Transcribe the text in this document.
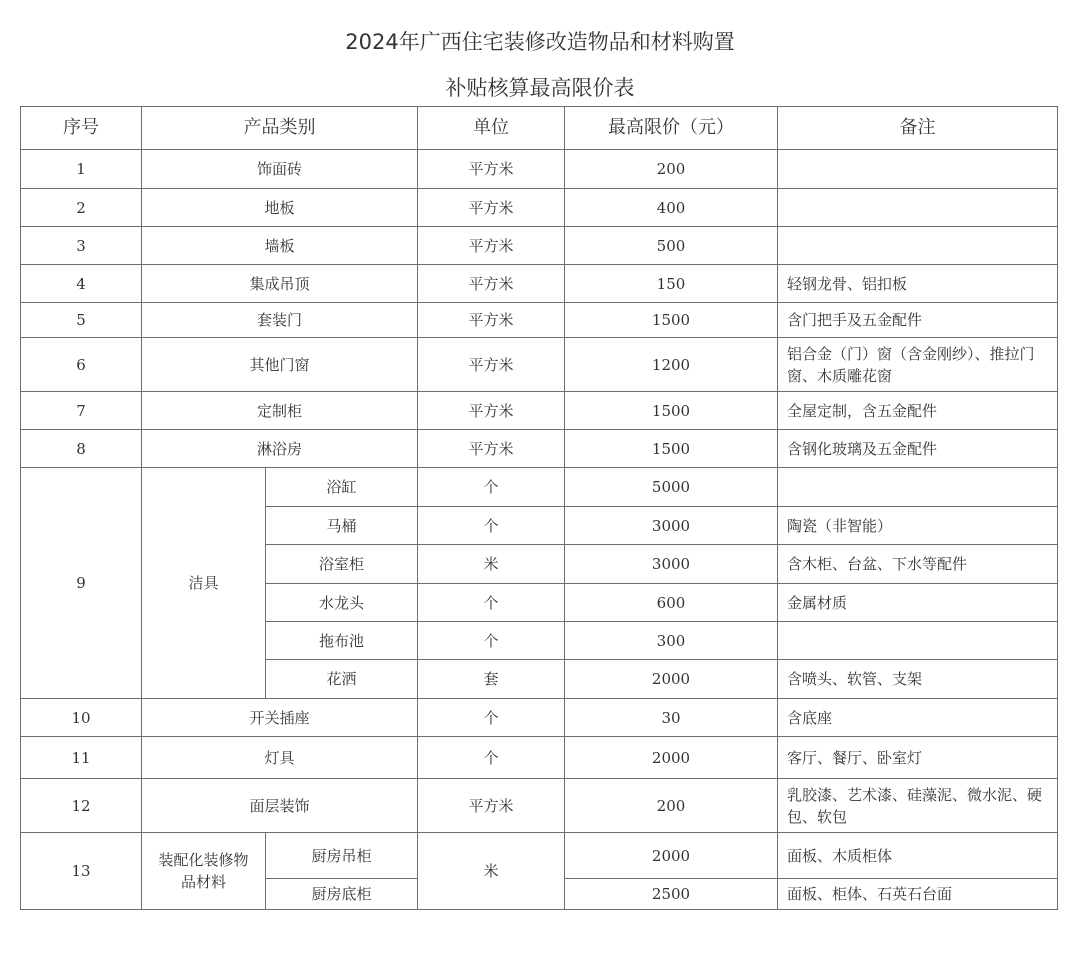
2024年广西住宅装修改造物品和材料购置
补贴核算最高限价表
序号	产品类别		单位	最高限价（元）	备注
1	饰面砖		平方米	200	
2	地板		平方米	400	
3	墙板		平方米	500	
4	集成吊顶		平方米	150	轻钢龙骨、铝扣板
5	套装门		平方米	1500	含门把手及五金配件
6	其他门窗		平方米	1200	铝合金（门）窗（含金刚纱）、推拉门窗、木质雕花窗
7	定制柜		平方米	1500	全屋定制，含五金配件
8	淋浴房		平方米	1500	含钢化玻璃及五金配件
9	洁具	浴缸	个	5000	
		马桶	个	3000	陶瓷（非智能）
		浴室柜	米	3000	含木柜、台盆、下水等配件
		水龙头	个	600	金属材质
		拖布池	个	300	
		花洒	套	2000	含喷头、软管、支架
10	开关插座		个	30	含底座
11	灯具		个	2000	客厅、餐厅、卧室灯
12	面层装饰		平方米	200	乳胶漆、艺术漆、硅藻泥、微水泥、硬包、软包
13	装配化装修物品材料	厨房吊柜	米	2000	面板、木质柜体
		厨房底柜		2500	面板、柜体、石英石台面
